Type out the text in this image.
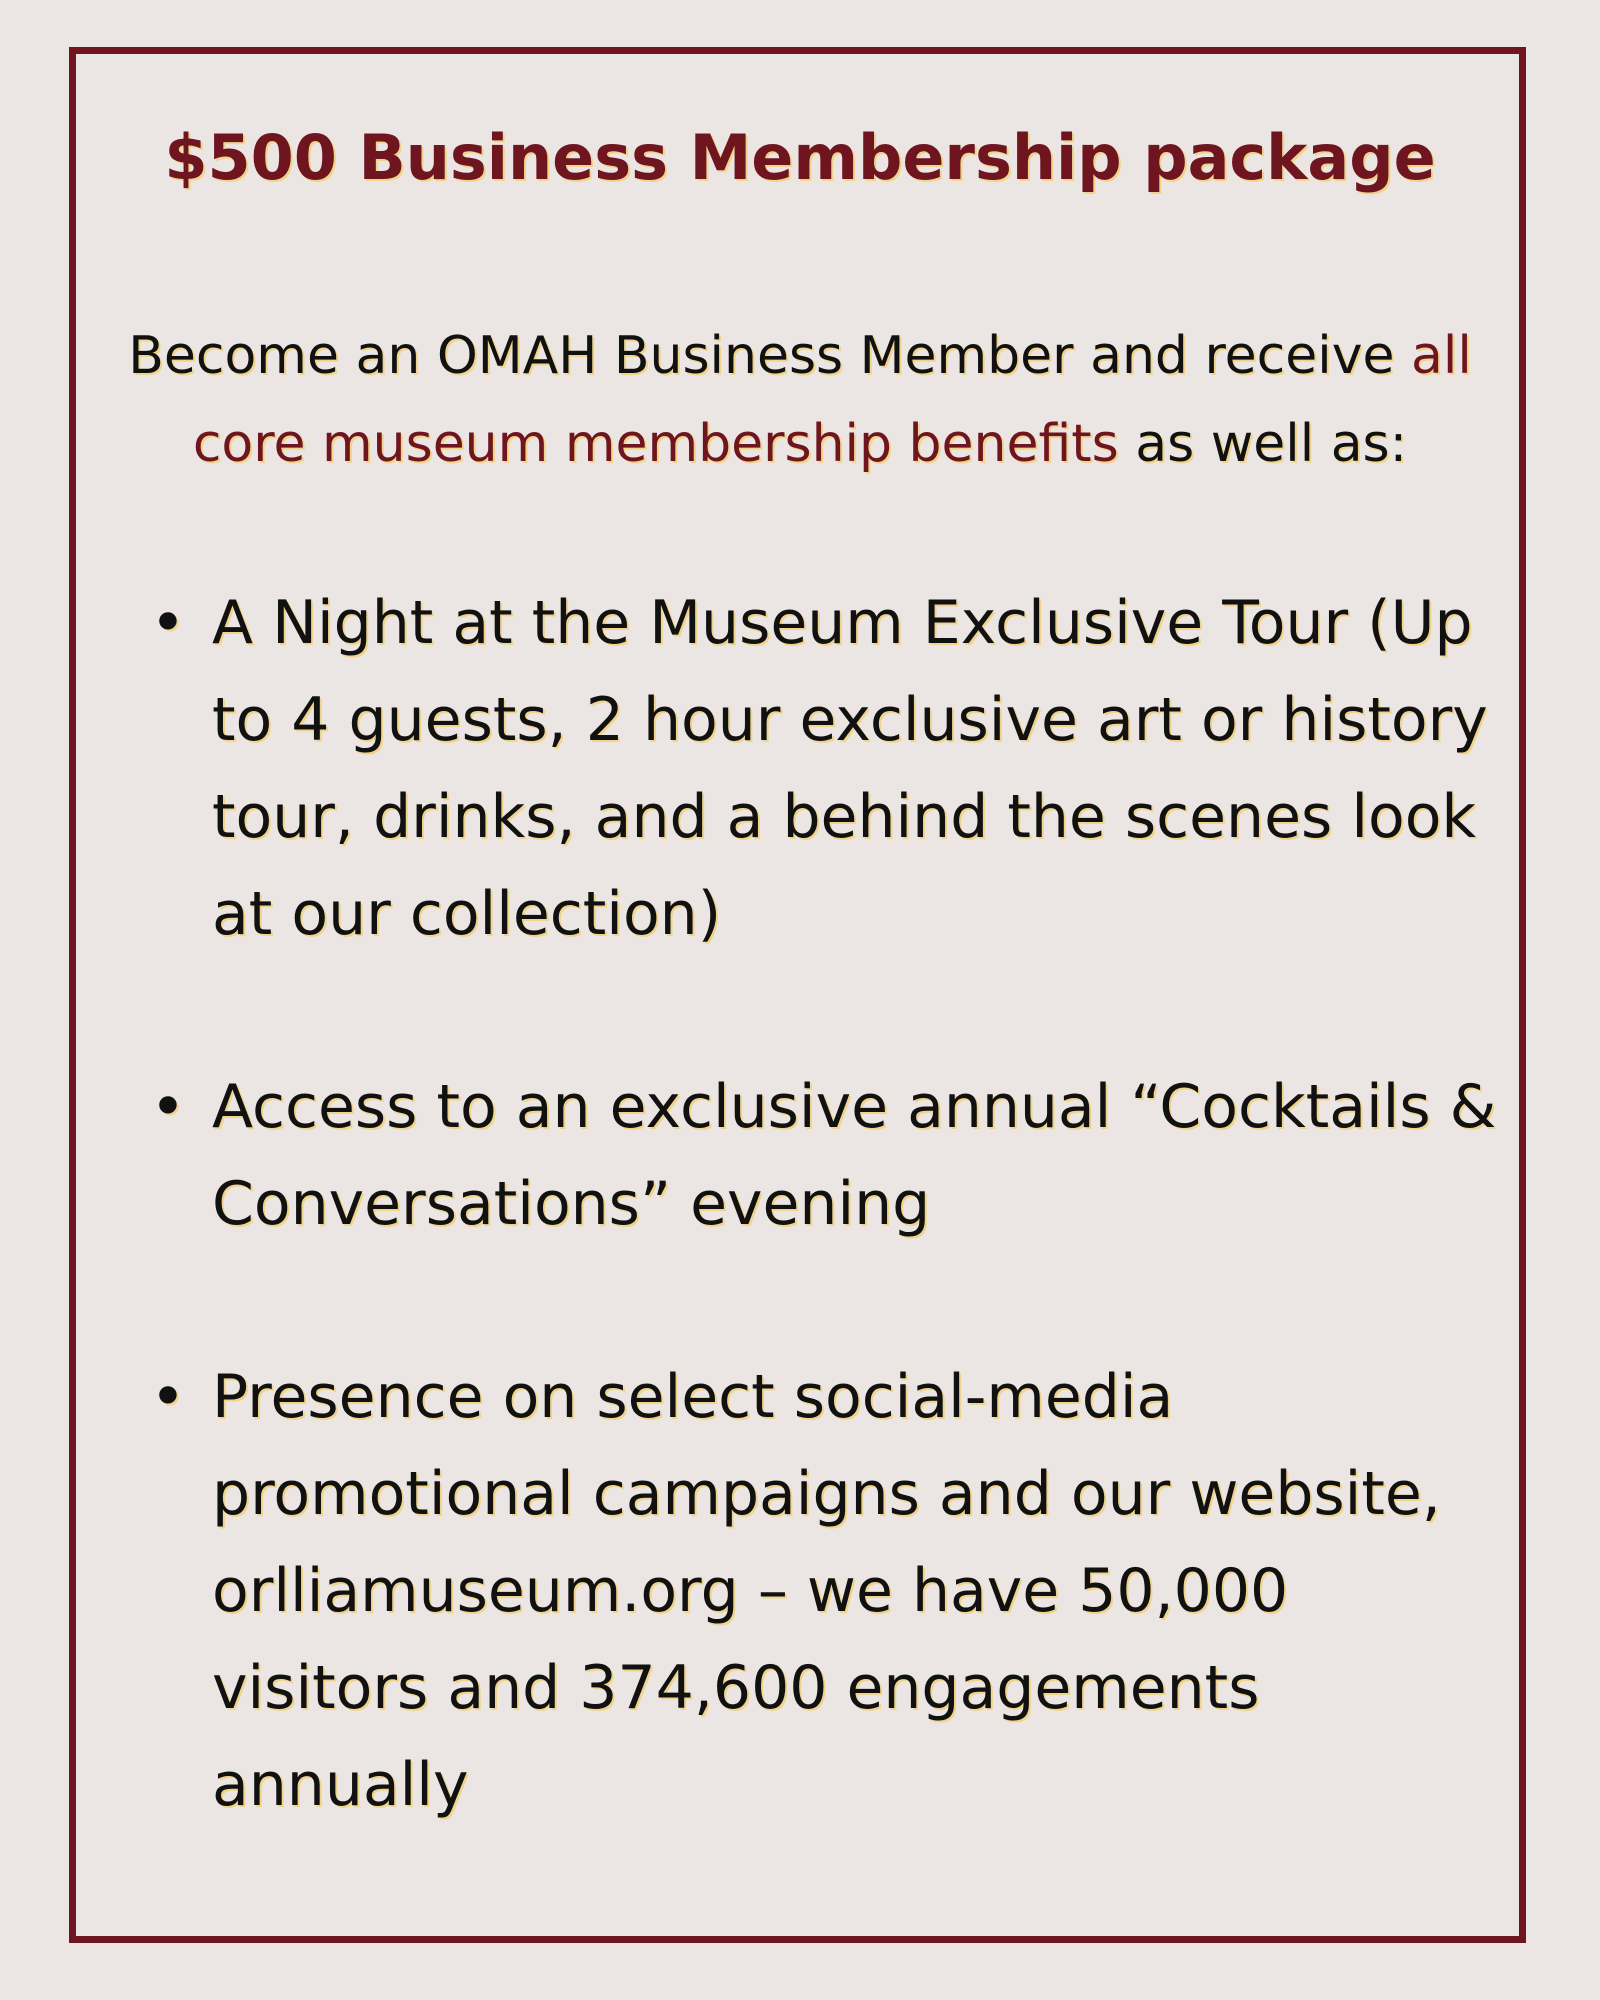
$500 Business Membership package

Become an OMAH Business Member and receive all core museum membership benefits as well as:

• A Night at the Museum Exclusive Tour (Up to 4 guests, 2 hour exclusive art or history tour, drinks, and a behind the scenes look at our collection)
• Access to an exclusive annual “Cocktails & Conversations” evening
• Presence on select social-media promotional campaigns and our website, orlliamuseum.org – we have 50,000 visitors and 374,600 engagements annually
